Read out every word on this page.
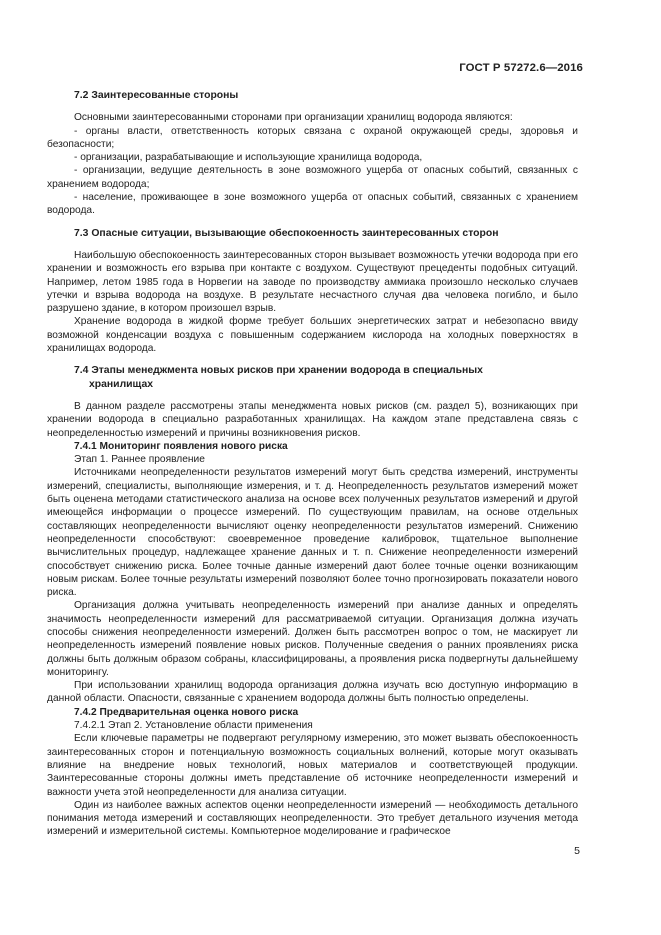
ГОСТ Р 57272.6—2016

7.2 Заинтересованные стороны

Основными заинтересованными сторонами при организации хранилищ водорода являются:

- органы власти, ответственность которых связана с охраной окружающей среды, здоровья и безопасности;

- организации, разрабатывающие и использующие хранилища водорода,

- организации, ведущие деятельность в зоне возможного ущерба от опасных событий, связанных с хранением водорода;

- население, проживающее в зоне возможного ущерба от опасных событий, связанных с хранением водорода.

7.3 Опасные ситуации, вызывающие обеспокоенность заинтересованных сторон

Наибольшую обеспокоенность заинтересованных сторон вызывает возможность утечки водорода при его хранении и возможность его взрыва при контакте с воздухом. Существуют прецеденты подобных ситуаций. Например, летом 1985 года в Норвегии на заводе по производству аммиака произошло несколько случаев утечки и взрыва водорода на воздухе. В результате несчастного случая два человека погибло, и было разрушено здание, в котором произошел взрыв.

Хранение водорода в жидкой форме требует больших энергетических затрат и небезопасно ввиду возможной конденсации воздуха с повышенным содержанием кислорода на холодных поверхностях в хранилищах водорода.

7.4 Этапы менеджмента новых рисков при хранении водорода в специальных
хранилищах

В данном разделе рассмотрены этапы менеджмента новых рисков (см. раздел 5), возникающих при хранении водорода в специально разработанных хранилищах. На каждом этапе представлена связь с неопределенностью измерений и причины возникновения рисков.

7.4.1 Мониторинг появления нового риска

Этап 1. Раннее проявление

Источниками неопределенности результатов измерений могут быть средства измерений, инструменты измерений, специалисты, выполняющие измерения, и т. д. Неопределенность результатов измерений может быть оценена методами статистического анализа на основе всех полученных результатов измерений и другой имеющейся информации о процессе измерений. По существующим правилам, на основе отдельных составляющих неопределенности вычисляют оценку неопределенности результатов измерений. Снижению неопределенности способствуют: своевременное проведение калибровок, тщательное выполнение вычислительных процедур, надлежащее хранение данных и т. п. Снижение неопределенности измерений способствует снижению риска. Более точные данные измерений дают более точные оценки возникающим новым рискам. Более точные результаты измерений позволяют более точно прогнозировать показатели нового риска.

Организация должна учитывать неопределенность измерений при анализе данных и определять значимость неопределенности измерений для рассматриваемой ситуации. Организация должна изучать способы снижения неопределенности измерений. Должен быть рассмотрен вопрос о том, не маскирует ли неопределенность измерений появление новых рисков. Полученные сведения о ранних проявлениях риска должны быть должным образом собраны, классифицированы, а проявления риска подвергнуты дальнейшему мониторингу.

При использовании хранилищ водорода организация должна изучать всю доступную информацию в данной области. Опасности, связанные с хранением водорода должны быть полностью определены.

7.4.2 Предварительная оценка нового риска

7.4.2.1 Этап 2. Установление области применения

Если ключевые параметры не подвергают регулярному измерению, это может вызвать обеспокоенность заинтересованных сторон и потенциальную возможность социальных волнений, которые могут оказывать влияние на внедрение новых технологий, новых материалов и соответствующей продукции. Заинтересованные стороны должны иметь представление об источнике неопределенности измерений и важности учета этой неопределенности для анализа ситуации.

Один из наиболее важных аспектов оценки неопределенности измерений — необходимость детального понимания метода измерений и составляющих неопределенности. Это требует детального изучения метода измерений и измерительной системы. Компьютерное моделирование и графическое

5
